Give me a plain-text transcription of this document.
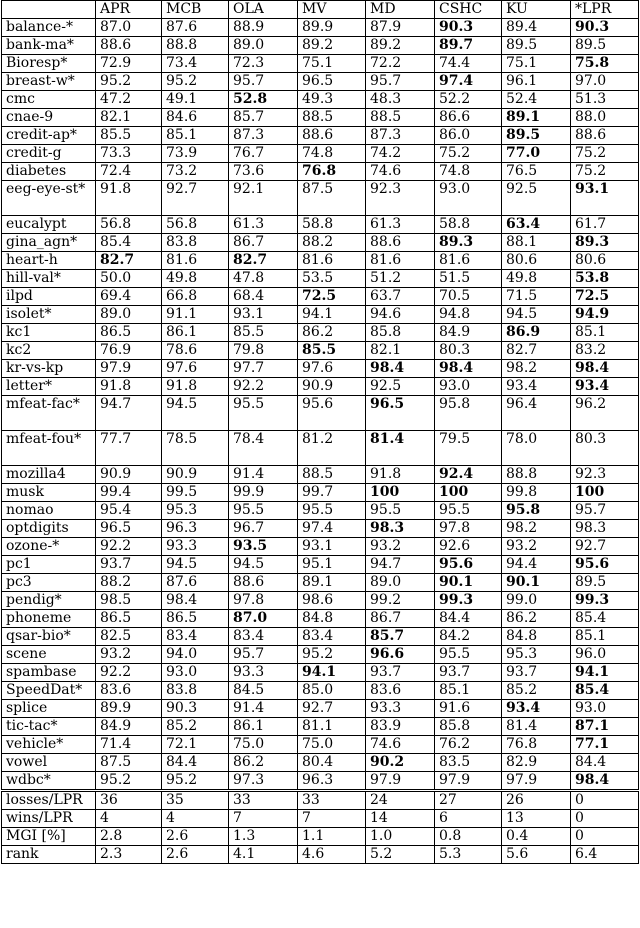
	APR	MCB	OLA	MV	MD	CSHC	KU	*LPR
balance-*	87.0	87.6	88.9	89.9	87.9	90.3	89.4	90.3
bank-ma*	88.6	88.8	89.0	89.2	89.2	89.7	89.5	89.5
Bioresp*	72.9	73.4	72.3	75.1	72.2	74.4	75.1	75.8
breast-w*	95.2	95.2	95.7	96.5	95.7	97.4	96.1	97.0
cmc	47.2	49.1	52.8	49.3	48.3	52.2	52.4	51.3
cnae-9	82.1	84.6	85.7	88.5	88.5	86.6	89.1	88.0
credit-ap*	85.5	85.1	87.3	88.6	87.3	86.0	89.5	88.6
credit-g	73.3	73.9	76.7	74.8	74.2	75.2	77.0	75.2
diabetes	72.4	73.2	73.6	76.8	74.6	74.8	76.5	75.2
eeg-eye-st*	91.8	92.7	92.1	87.5	92.3	93.0	92.5	93.1
eucalypt	56.8	56.8	61.3	58.8	61.3	58.8	63.4	61.7
gina_agn*	85.4	83.8	86.7	88.2	88.6	89.3	88.1	89.3
heart-h	82.7	81.6	82.7	81.6	81.6	81.6	80.6	80.6
hill-val*	50.0	49.8	47.8	53.5	51.2	51.5	49.8	53.8
ilpd	69.4	66.8	68.4	72.5	63.7	70.5	71.5	72.5
isolet*	89.0	91.1	93.1	94.1	94.6	94.8	94.5	94.9
kc1	86.5	86.1	85.5	86.2	85.8	84.9	86.9	85.1
kc2	76.9	78.6	79.8	85.5	82.1	80.3	82.7	83.2
kr-vs-kp	97.9	97.6	97.7	97.6	98.4	98.4	98.2	98.4
letter*	91.8	91.8	92.2	90.9	92.5	93.0	93.4	93.4
mfeat-fac*	94.7	94.5	95.5	95.6	96.5	95.8	96.4	96.2
mfeat-fou*	77.7	78.5	78.4	81.2	81.4	79.5	78.0	80.3
mozilla4	90.9	90.9	91.4	88.5	91.8	92.4	88.8	92.3
musk	99.4	99.5	99.9	99.7	100	100	99.8	100
nomao	95.4	95.3	95.5	95.5	95.5	95.5	95.8	95.7
optdigits	96.5	96.3	96.7	97.4	98.3	97.8	98.2	98.3
ozone-*	92.2	93.3	93.5	93.1	93.2	92.6	93.2	92.7
pc1	93.7	94.5	94.5	95.1	94.7	95.6	94.4	95.6
pc3	88.2	87.6	88.6	89.1	89.0	90.1	90.1	89.5
pendig*	98.5	98.4	97.8	98.6	99.2	99.3	99.0	99.3
phoneme	86.5	86.5	87.0	84.8	86.7	84.4	86.2	85.4
qsar-bio*	82.5	83.4	83.4	83.4	85.7	84.2	84.8	85.1
scene	93.2	94.0	95.7	95.2	96.6	95.5	95.3	96.0
spambase	92.2	93.0	93.3	94.1	93.7	93.7	93.7	94.1
SpeedDat*	83.6	83.8	84.5	85.0	83.6	85.1	85.2	85.4
splice	89.9	90.3	91.4	92.7	93.3	91.6	93.4	93.0
tic-tac*	84.9	85.2	86.1	81.1	83.9	85.8	81.4	87.1
vehicle*	71.4	72.1	75.0	75.0	74.6	76.2	76.8	77.1
vowel	87.5	84.4	86.2	80.4	90.2	83.5	82.9	84.4
wdbc*	95.2	95.2	97.3	96.3	97.9	97.9	97.9	98.4
losses/LPR	36	35	33	33	24	27	26	0
wins/LPR	4	4	7	7	14	6	13	0
MGI [%]	2.8	2.6	1.3	1.1	1.0	0.8	0.4	0
rank	2.3	2.6	4.1	4.6	5.2	5.3	5.6	6.4
